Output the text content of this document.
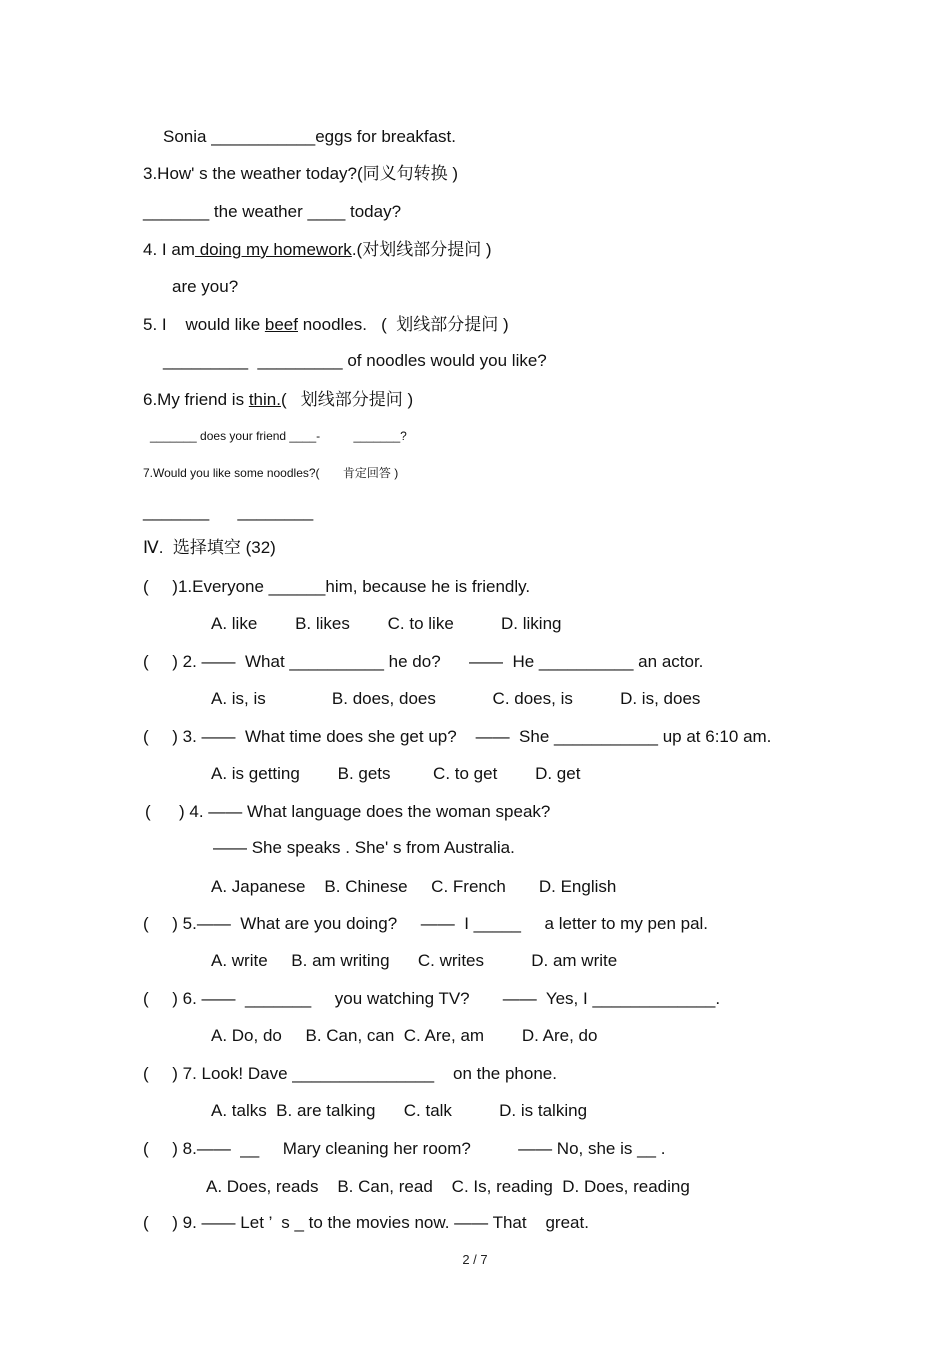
Sonia ___________eggs for breakfast.
3.How' s the weather today?(同义句转换 )
_______ the weather ____ today?
4. I am doing my homework.(对划线部分提问 )
are you?
5. I    would like beef noodles.   (  划线部分提问 )
_________  _________ of noodles would you like?
6.My friend is thin.(   划线部分提问 )
_______ does your friend ____-          _______?
7.Would you like some noodles?(       肯定回答 )
_______      ________
Ⅳ.  选择填空 (32)
(     )1.Everyone ______him, because he is friendly.
A. like        B. likes        C. to like          D. liking
(     ) 2. ——  What __________ he do?      ——  He __________ an actor.
A. is, is              B. does, does            C. does, is          D. is, does
(     ) 3. ——  What time does she get up?    ——  She ___________ up at 6:10 am.
A. is getting        B. gets         C. to get        D. get
(      ) 4. —— What language does the woman speak?
—— She speaks . She' s from Australia.
A. Japanese    B. Chinese     C. French       D. English
(     ) 5.——  What are you doing?     ——  I _____     a letter to my pen pal.
A. write     B. am writing      C. writes          D. am write
(     ) 6. ——  _______     you watching TV?       ——  Yes, I _____________.
A. Do, do     B. Can, can  C. Are, am        D. Are, do
(     ) 7. Look! Dave _______________    on the phone.
A. talks  B. are talking      C. talk          D. is talking
(     ) 8.——  __     Mary cleaning her room?          —— No, she is __ .
A. Does, reads    B. Can, read    C. Is, reading  D. Does, reading
(     ) 9. —— Let ’  s _ to the movies now. —— That    great.
2 / 7
